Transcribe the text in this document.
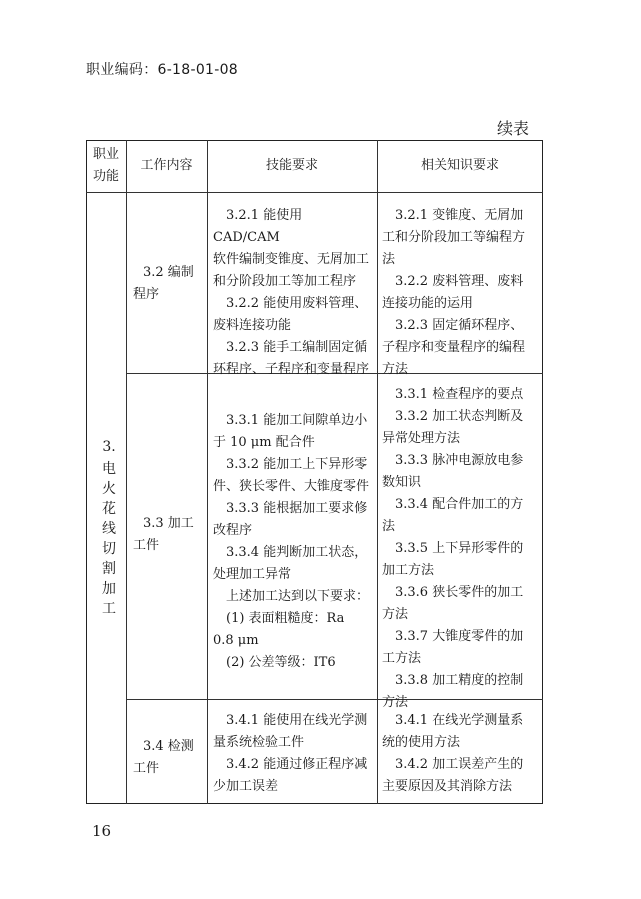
职业编码：6-18-01-08
续表
职业
功能
工作内容	技能要求	相关知识要求
3.
电
火
花
线
切
割
加
工
3.2 编制
程序
3.2.1 能使用 CAD/CAM
软件编制变锥度、无屑加工
和分阶段加工等加工程序
3.2.2 能使用废料管理、
废料连接功能
3.2.3 能手工编制固定循
环程序、子程序和变量程序
3.2.1 变锥度、无屑加
工和分阶段加工等编程方
法
3.2.2 废料管理、废料
连接功能的运用
3.2.3 固定循环程序、
子程序和变量程序的编程
方法
3.3 加工
工件
3.3.1 能加工间隙单边小
于 10 μm 配合件
3.3.2 能加工上下异形零
件、狭长零件、大锥度零件
3.3.3 能根据加工要求修
改程序
3.3.4 能判断加工状态，
处理加工异常
上述加工达到以下要求：
(1) 表面粗糙度：Ra
0.8 μm
(2) 公差等级：IT6
3.3.1 检查程序的要点
3.3.2 加工状态判断及
异常处理方法
3.3.3 脉冲电源放电参
数知识
3.3.4 配合件加工的方
法
3.3.5 上下异形零件的
加工方法
3.3.6 狭长零件的加工
方法
3.3.7 大锥度零件的加
工方法
3.3.8 加工精度的控制
方法
3.4 检测
工件
3.4.1 能使用在线光学测
量系统检验工件
3.4.2 能通过修正程序减
少加工误差
3.4.1 在线光学测量系
统的使用方法
3.4.2 加工误差产生的
主要原因及其消除方法
16
